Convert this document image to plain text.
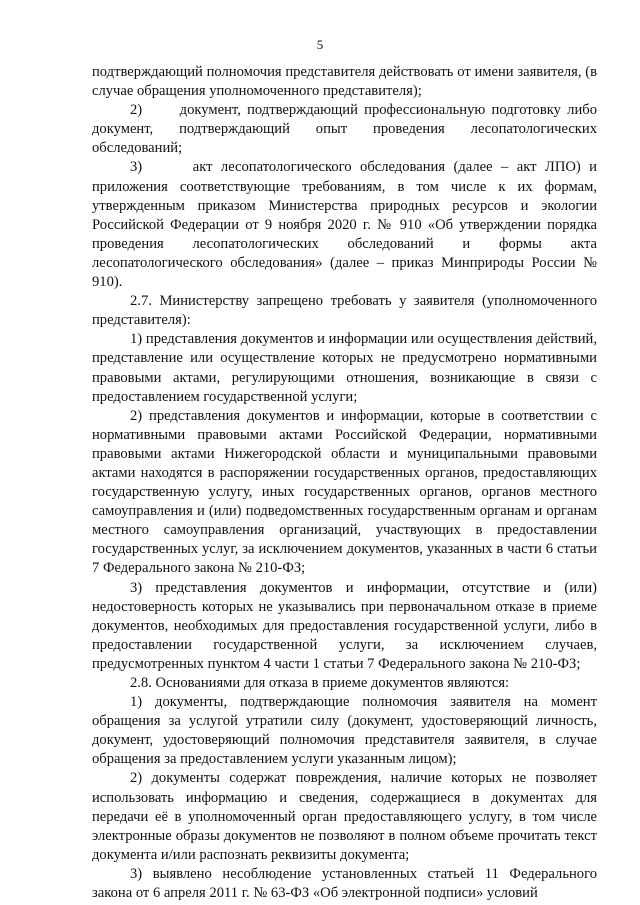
5

подтверждающий полномочия представителя действовать от имени заявителя, (в случае обращения уполномоченного представителя);

2)      документ, подтверждающий профессиональную подготовку либо документ, подтверждающий опыт проведения лесопатологических обследований;

3)      акт лесопатологического обследования (далее – акт ЛПО) и приложения соответствующие требованиям, в том числе к их формам, утвержденным приказом Министерства природных ресурсов и экологии Российской Федерации от 9 ноября 2020 г. № 910 «Об утверждении порядка проведения лесопатологических обследований и формы акта лесопатологического обследования» (далее – приказ Минприроды России № 910).

2.7. Министерству запрещено требовать у заявителя (уполномоченного представителя):

1) представления документов и информации или осуществления действий, представление или осуществление которых не предусмотрено нормативными правовыми актами, регулирующими отношения, возникающие в связи с предоставлением государственной услуги;

2) представления документов и информации, которые в соответствии с нормативными правовыми актами Российской Федерации, нормативными правовыми актами Нижегородской области и муниципальными правовыми актами находятся в распоряжении государственных органов, предоставляющих государственную услугу, иных государственных органов, органов местного самоуправления и (или) подведомственных государственным органам и органам местного самоуправления организаций, участвующих в предоставлении государственных услуг, за исключением документов, указанных в части 6 статьи 7 Федерального закона № 210-ФЗ;

3) представления документов и информации, отсутствие и (или) недостоверность которых не указывались при первоначальном отказе в приеме документов, необходимых для предоставления государственной услуги, либо в предоставлении государственной услуги, за исключением случаев, предусмотренных пунктом 4 части 1 статьи 7 Федерального закона № 210-ФЗ;

2.8. Основаниями для отказа в приеме документов являются:

1) документы, подтверждающие полномочия заявителя на момент обращения за услугой утратили силу (документ, удостоверяющий личность, документ, удостоверяющий полномочия представителя заявителя, в случае обращения за предоставлением услуги указанным лицом);

2) документы содержат повреждения, наличие которых не позволяет использовать информацию и сведения, содержащиеся в документах для передачи её в уполномоченный орган предоставляющего услугу, в том числе электронные образы документов не позволяют в полном объеме прочитать текст документа и/или распознать реквизиты документа;

3) выявлено несоблюдение установленных статьей 11 Федерального закона от 6 апреля 2011 г. № 63-ФЗ «Об электронной подписи» условий
